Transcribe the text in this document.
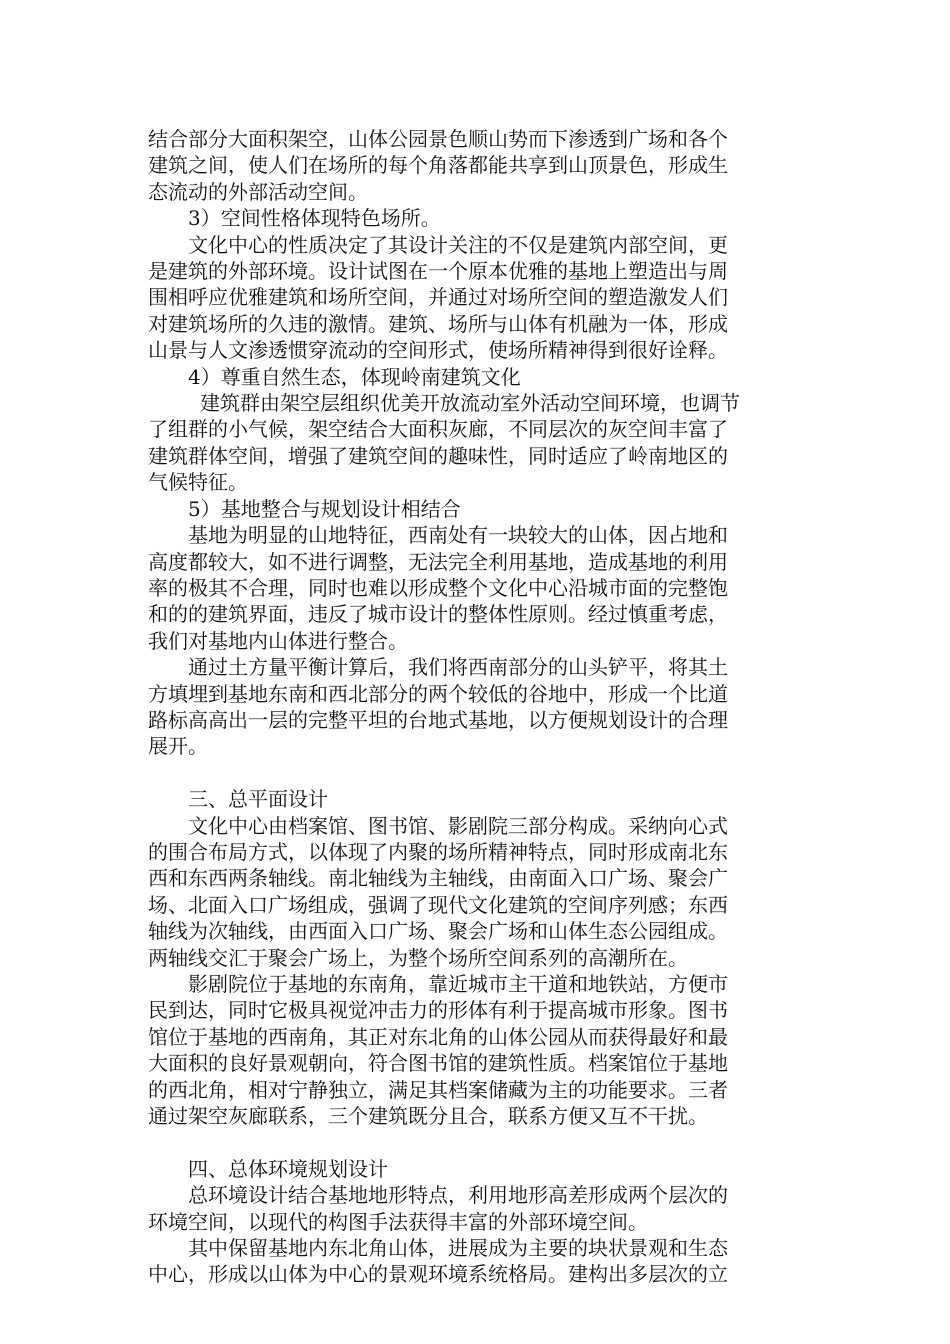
结合部分大面积架空，山体公园景色顺山势而下渗透到广场和各个

建筑之间，使人们在场所的每个角落都能共享到山顶景色，形成生

态流动的外部活动空间。

3）空间性格体现特色场所。

文化中心的性质决定了其设计关注的不仅是建筑内部空间，更

是建筑的外部环境。设计试图在一个原本优雅的基地上塑造出与周

围相呼应优雅建筑和场所空间，并通过对场所空间的塑造激发人们

对建筑场所的久违的激情。建筑、场所与山体有机融为一体，形成

山景与人文渗透惯穿流动的空间形式，使场所精神得到很好诠释。

4）尊重自然生态，体现岭南建筑文化

建筑群由架空层组织优美开放流动室外活动空间环境，也调节

了组群的小气候，架空结合大面积灰廊，不同层次的灰空间丰富了

建筑群体空间，增强了建筑空间的趣味性，同时适应了岭南地区的

气候特征。

5）基地整合与规划设计相结合

基地为明显的山地特征，西南处有一块较大的山体，因占地和

高度都较大，如不进行调整，无法完全利用基地，造成基地的利用

率的极其不合理，同时也难以形成整个文化中心沿城市面的完整饱

和的的建筑界面，违反了城市设计的整体性原则。经过慎重考虑，

我们对基地内山体进行整合。

通过土方量平衡计算后，我们将西南部分的山头铲平，将其土

方填埋到基地东南和西北部分的两个较低的谷地中，形成一个比道

路标高高出一层的完整平坦的台地式基地，以方便规划设计的合理

展开。

三、总平面设计

文化中心由档案馆、图书馆、影剧院三部分构成。采纳向心式

的围合布局方式，以体现了内聚的场所精神特点，同时形成南北东

西和东西两条轴线。南北轴线为主轴线，由南面入口广场、聚会广

场、北面入口广场组成，强调了现代文化建筑的空间序列感；东西

轴线为次轴线，由西面入口广场、聚会广场和山体生态公园组成。

两轴线交汇于聚会广场上，为整个场所空间系列的高潮所在。

影剧院位于基地的东南角，靠近城市主干道和地铁站，方便市

民到达，同时它极具视觉冲击力的形体有利于提高城市形象。图书

馆位于基地的西南角，其正对东北角的山体公园从而获得最好和最

大面积的良好景观朝向，符合图书馆的建筑性质。档案馆位于基地

的西北角，相对宁静独立，满足其档案储藏为主的功能要求。三者

通过架空灰廊联系，三个建筑既分且合，联系方便又互不干扰。

四、总体环境规划设计

总环境设计结合基地地形特点，利用地形高差形成两个层次的

环境空间，以现代的构图手法获得丰富的外部环境空间。

其中保留基地内东北角山体，进展成为主要的块状景观和生态

中心，形成以山体为中心的景观环境系统格局。建构出多层次的立
